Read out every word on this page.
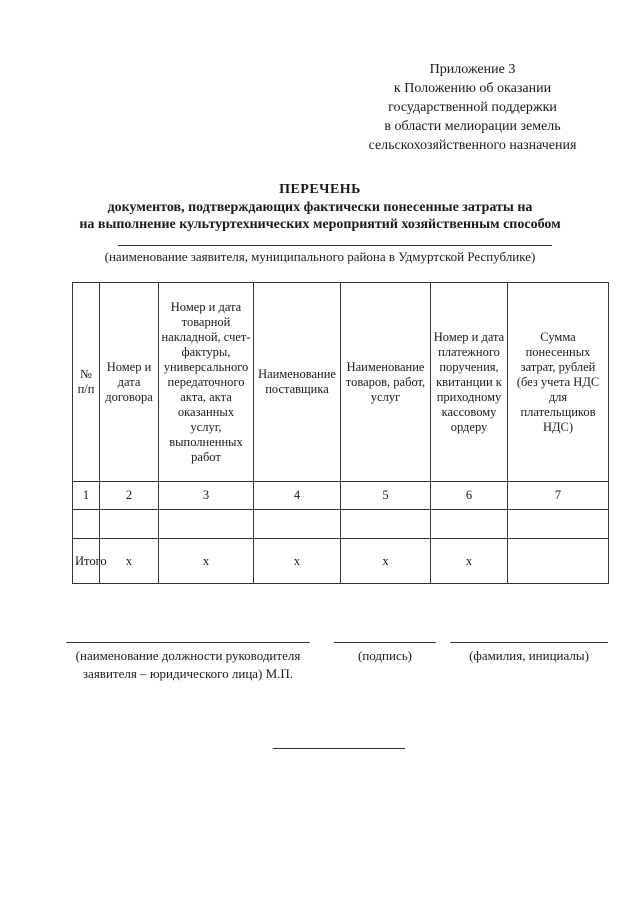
Приложение 3
к Положению об оказании
государственной поддержки
в области мелиорации земель
сельскохозяйственного назначения
ПЕРЕЧЕНЬ
документов, подтверждающих фактически понесенные затраты на
на выполнение культуртехнических мероприятий хозяйственным способом
(наименование заявителя, муниципального района в Удмуртской Республике)
№ п/п	Номер и дата договора	Номер и дата товарной накладной, счет-фактуры, универсального передаточного акта, акта оказанных услуг, выполненных работ	Наименование поставщика	Наименование товаров, работ, услуг	Номер и дата платежного поручения, квитанции к приходному кассовому ордеру	Сумма понесенных затрат, рублей (без учета НДС для плательщиков НДС)
1	2	3	4	5	6	7

Итого	х	х	х	х	х	
(наименование должности руководителя заявителя – юридического лица) М.П.
(подпись)	(фамилия, инициалы)
